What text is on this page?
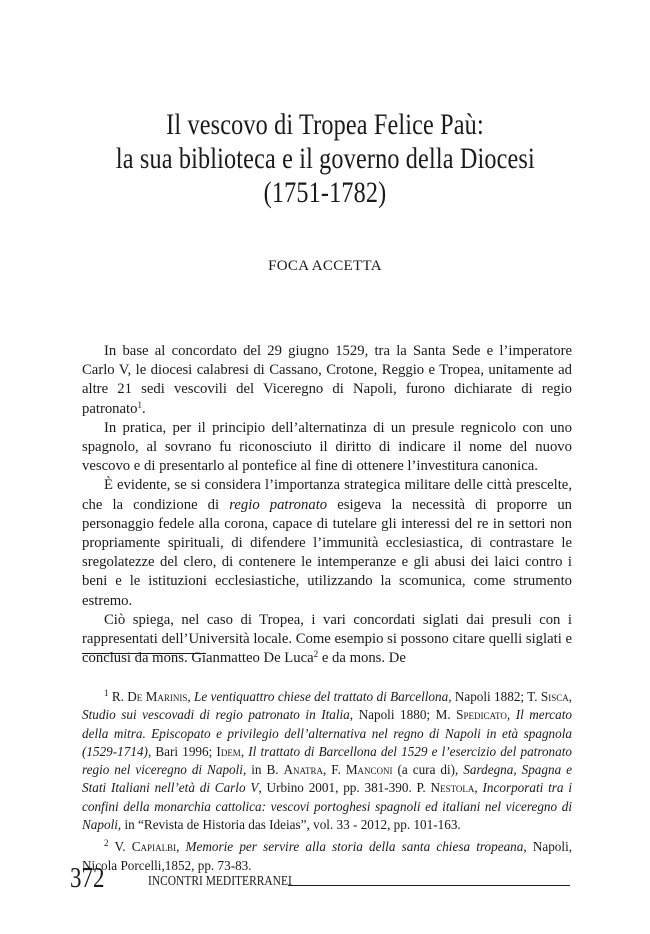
Il vescovo di Tropea Felice Paù:
la sua biblioteca e il governo della Diocesi
(1751-1782)
FOCA ACCETTA

In base al concordato del 29 giugno 1529, tra la Santa Sede e l’imperatore Carlo V, le diocesi calabresi di Cassano, Crotone, Reggio e Tropea, unitamente ad altre 21 sedi vescovili del Viceregno di Napoli, furono dichiarate di regio patronato$^1$.

In pratica, per il principio dell’alternatinza di un presule regnicolo con uno spagnolo, al sovrano fu riconosciuto il diritto di indicare il nome del nuovo vescovo e di presentarlo al pontefice al fine di ottenere l’investitura canonica.

È evidente, se si considera l’importanza strategica militare delle città prescelte, che la condizione di regio patronato esigeva la necessità di proporre un personaggio fedele alla corona, capace di tutelare gli interessi del re in settori non propriamente spirituali, di difendere l’immunità ecclesiastica, di contrastare le sregolatezze del clero, di contenere le intemperanze e gli abusi dei laici contro i beni e le istituzioni ecclesiastiche, utilizzando la scomunica, come strumento estremo.

Ciò spiega, nel caso di Tropea, i vari concordati siglati dai presuli con i rappresentati dell’Università locale. Come esempio si possono citare quelli siglati e conclusi da mons. Gianmatteo De Luca$^2$ e da mons. De

$^1$ R. De Marinis, Le ventiquattro chiese del trattato di Barcellona, Napoli 1882; T. Sisca, Studio sui vescovadi di regio patronato in Italia, Napoli 1880; M. Spedicato, Il mercato della mitra. Episcopato e privilegio dell’alternativa nel regno di Napoli in età spagnola (1529-1714), Bari 1996; Idem, Il trattato di Barcellona del 1529 e l’esercizio del patronato regio nel viceregno di Napoli, in B. Anatra, F. Manconi (a cura di), Sardegna, Spagna e Stati Italiani nell’età di Carlo V, Urbino 2001, pp. 381-390. P. Nestola, Incorporati tra i confini della monarchia cattolica: vescovi portoghesi spagnoli ed italiani nel viceregno di Napoli, in “Revista de Historia das Ideias”, vol. 33 - 2012, pp. 101-163.

$^2$ V. Capialbi, Memorie per servire alla storia della santa chiesa tropeana, Napoli, Nicola Porcelli,1852, pp. 73-83.

372	INCONTRI MEDITERRANEI
